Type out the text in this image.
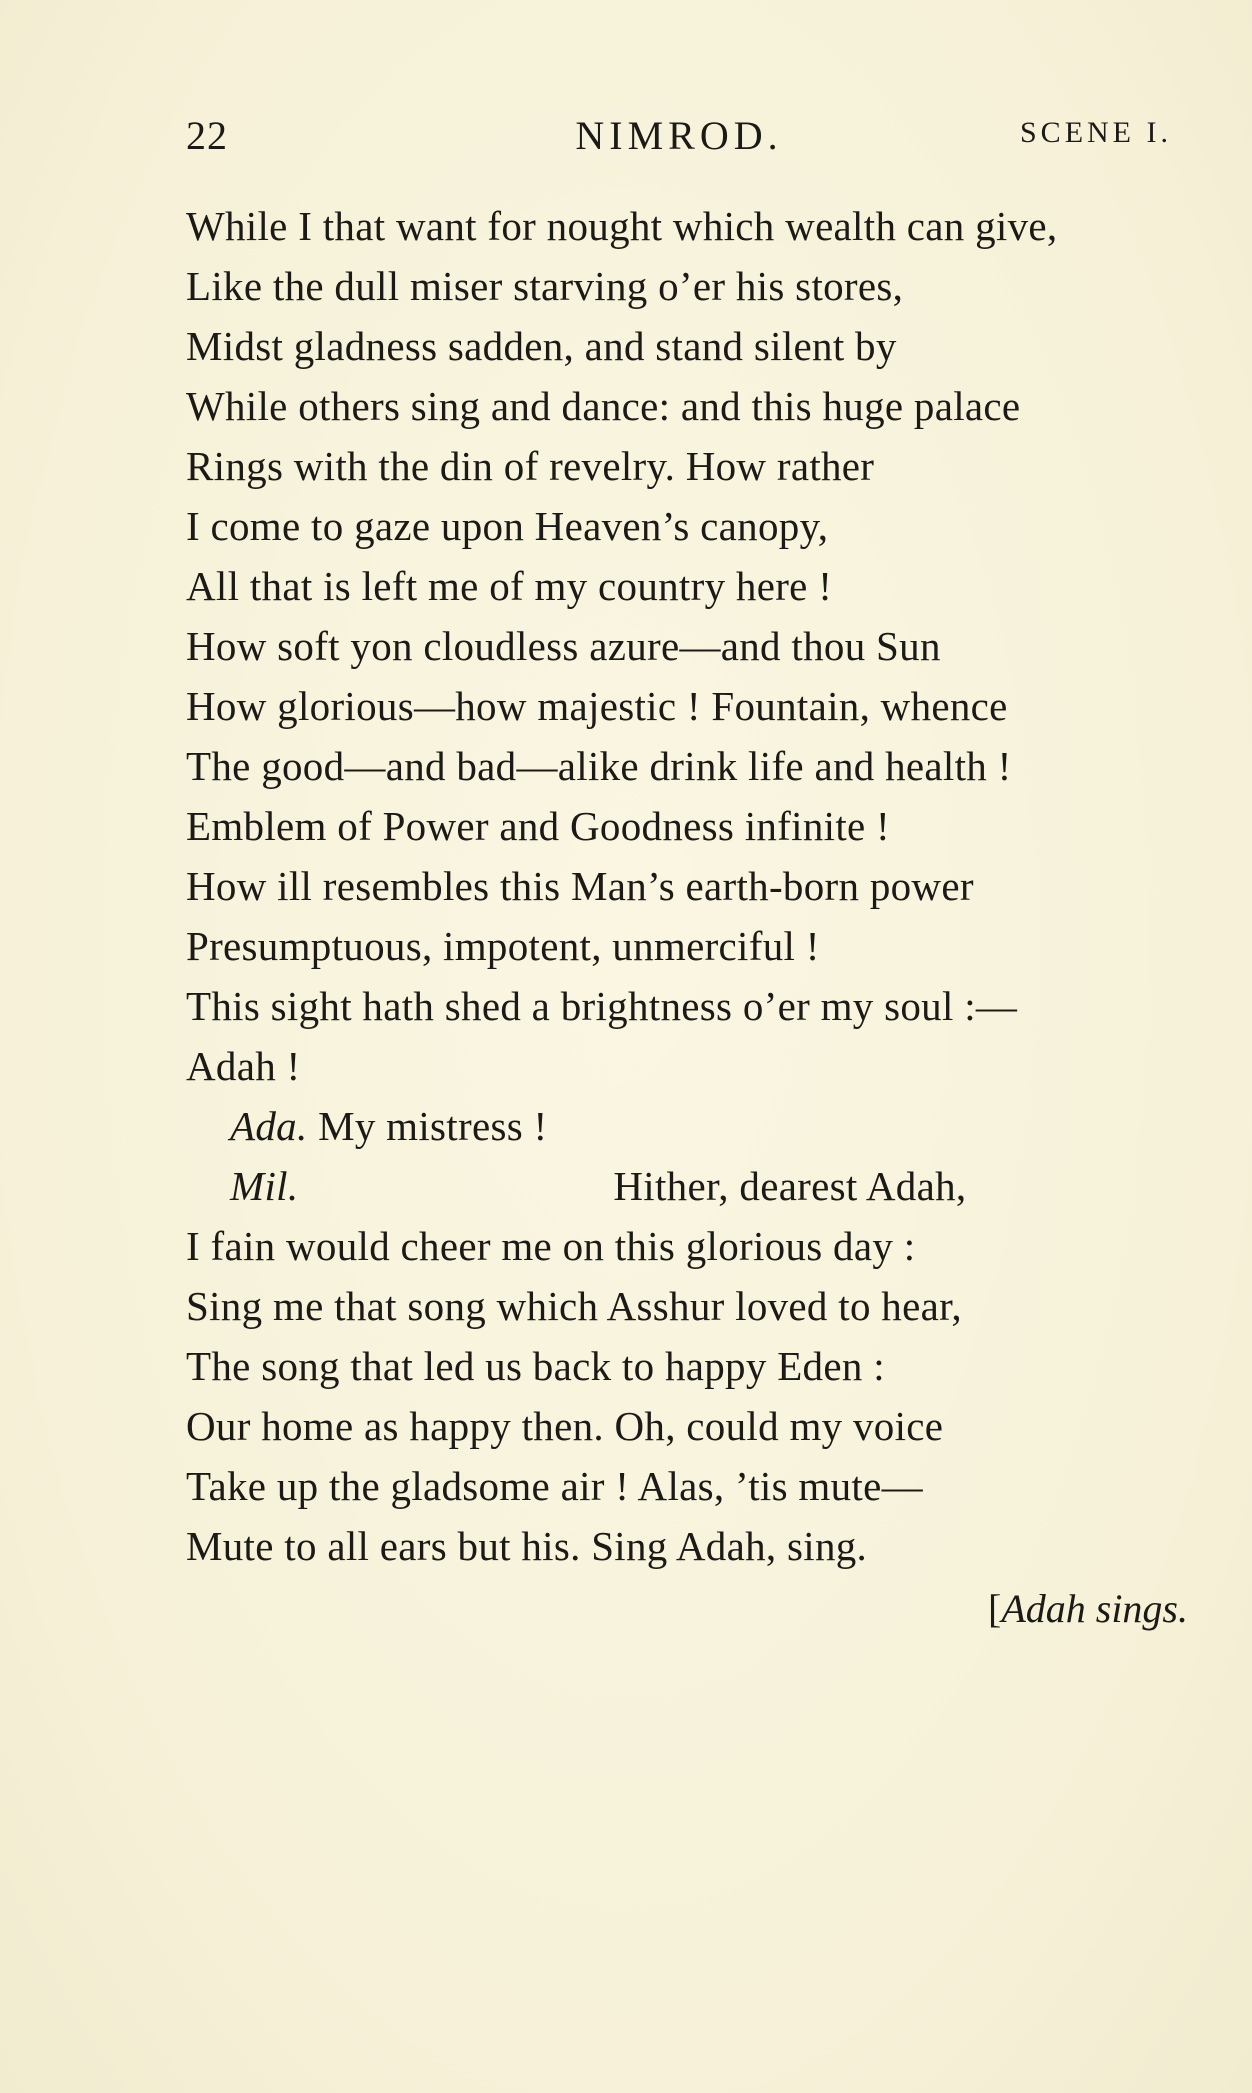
22	NIMROD.	SCENE I.
While I that want for nought which wealth can give,
Like the dull miser starving o’er his stores,
Midst gladness sadden, and stand silent by
While others sing and dance: and this huge palace
Rings with the din of revelry. How rather
I come to gaze upon Heaven’s canopy,
All that is left me of my country here !
How soft yon cloudless azure—and thou Sun
How glorious—how majestic ! Fountain, whence
The good—and bad—alike drink life and health !
Emblem of Power and Goodness infinite !
How ill resembles this Man’s earth-born power
Presumptuous, impotent, unmerciful !
This sight hath shed a brightness o’er my soul :—
Adah !
Ada. My mistress !
Mil.	Hither, dearest Adah,
I fain would cheer me on this glorious day :
Sing me that song which Asshur loved to hear,
The song that led us back to happy Eden :
Our home as happy then. Oh, could my voice
Take up the gladsome air ! Alas, ’tis mute—
Mute to all ears but his. Sing Adah, sing.
[Adah sings.
